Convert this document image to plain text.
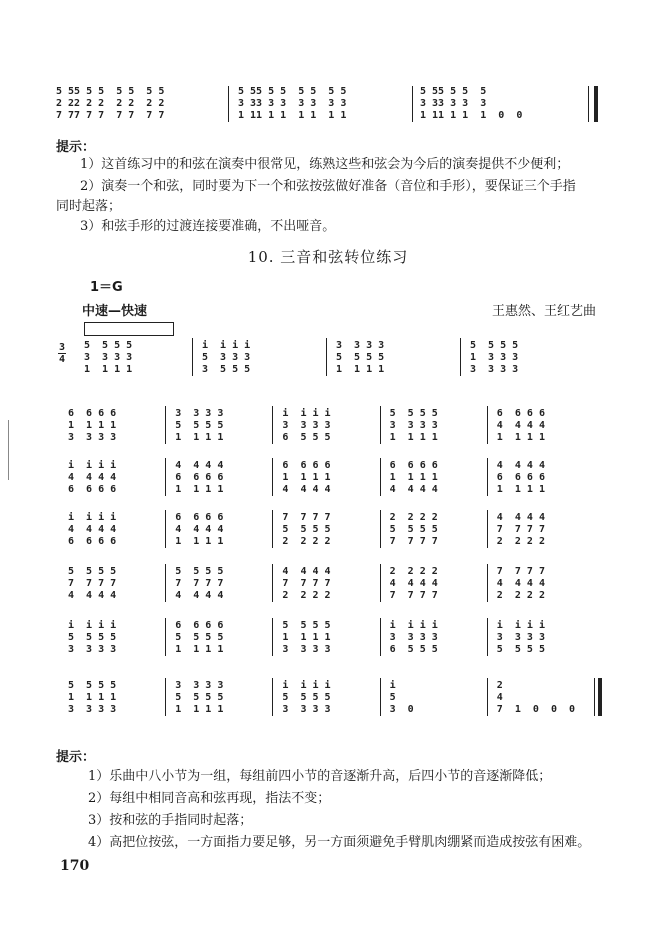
5 55 5 5  5 5  5 5
2 22 2 2  2 2  2 2
7 77 7 7  7 7  7 7
5 55 5 5  5 5  5 5
3 33 3 3  3 3  3 3
1 11 1 1  1 1  1 1
5 55 5 5  5
3 33 3 3  3
1 11 1 1  1  0  0
提示：
1）这首练习中的和弦在演奏中很常见，练熟这些和弦会为今后的演奏提供不少便利；
2）演奏一个和弦，同时要为下一个和弦按弦做好准备（音位和手形），要保证三个手指
同时起落；
3）和弦手形的过渡连接要准确，不出哑音。
10. 三音和弦转位练习
1＝G
中速—快速	王惠然、王红艺曲
3
4
5  5 5 5
3  3 3 3
1  1 1 1
i  i i i
5  3 3 3
3  5 5 5
3  3 3 3
5  5 5 5
1  1 1 1
5  5 5 5
1  3 3 3
3  3 3 3
6  6 6 6
1  1 1 1
3  3 3 3
3  3 3 3
5  5 5 5
1  1 1 1
i  i i i
3  3 3 3
6  5 5 5
5  5 5 5
3  3 3 3
1  1 1 1
6  6 6 6
4  4 4 4
1  1 1 1
i  i i i
4  4 4 4
6  6 6 6
4  4 4 4
6  6 6 6
1  1 1 1
6  6 6 6
1  1 1 1
4  4 4 4
6  6 6 6
1  1 1 1
4  4 4 4
4  4 4 4
6  6 6 6
1  1 1 1
i  i i i
4  4 4 4
6  6 6 6
6  6 6 6
4  4 4 4
1  1 1 1
7  7 7 7
5  5 5 5
2  2 2 2
2  2 2 2
5  5 5 5
7  7 7 7
4  4 4 4
7  7 7 7
2  2 2 2
5  5 5 5
7  7 7 7
4  4 4 4
5  5 5 5
7  7 7 7
4  4 4 4
4  4 4 4
7  7 7 7
2  2 2 2
2  2 2 2
4  4 4 4
7  7 7 7
7  7 7 7
4  4 4 4
2  2 2 2
i  i i i
5  5 5 5
3  3 3 3
6  6 6 6
5  5 5 5
1  1 1 1
5  5 5 5
1  1 1 1
3  3 3 3
i  i i i
3  3 3 3
6  5 5 5
i  i i i
3  3 3 3
5  5 5 5
5  5 5 5
1  1 1 1
3  3 3 3
3  3 3 3
5  5 5 5
1  1 1 1
i  i i i
5  5 5 5
3  3 3 3
i
5
3  0
2
4
7  1  0  0  0
提示：
1）乐曲中八小节为一组，每组前四小节的音逐渐升高，后四小节的音逐渐降低；
2）每组中相同音高和弦再现，指法不变；
3）按和弦的手指同时起落；
4）高把位按弦，一方面指力要足够，另一方面须避免手臂肌肉绷紧而造成按弦有困难。
170
